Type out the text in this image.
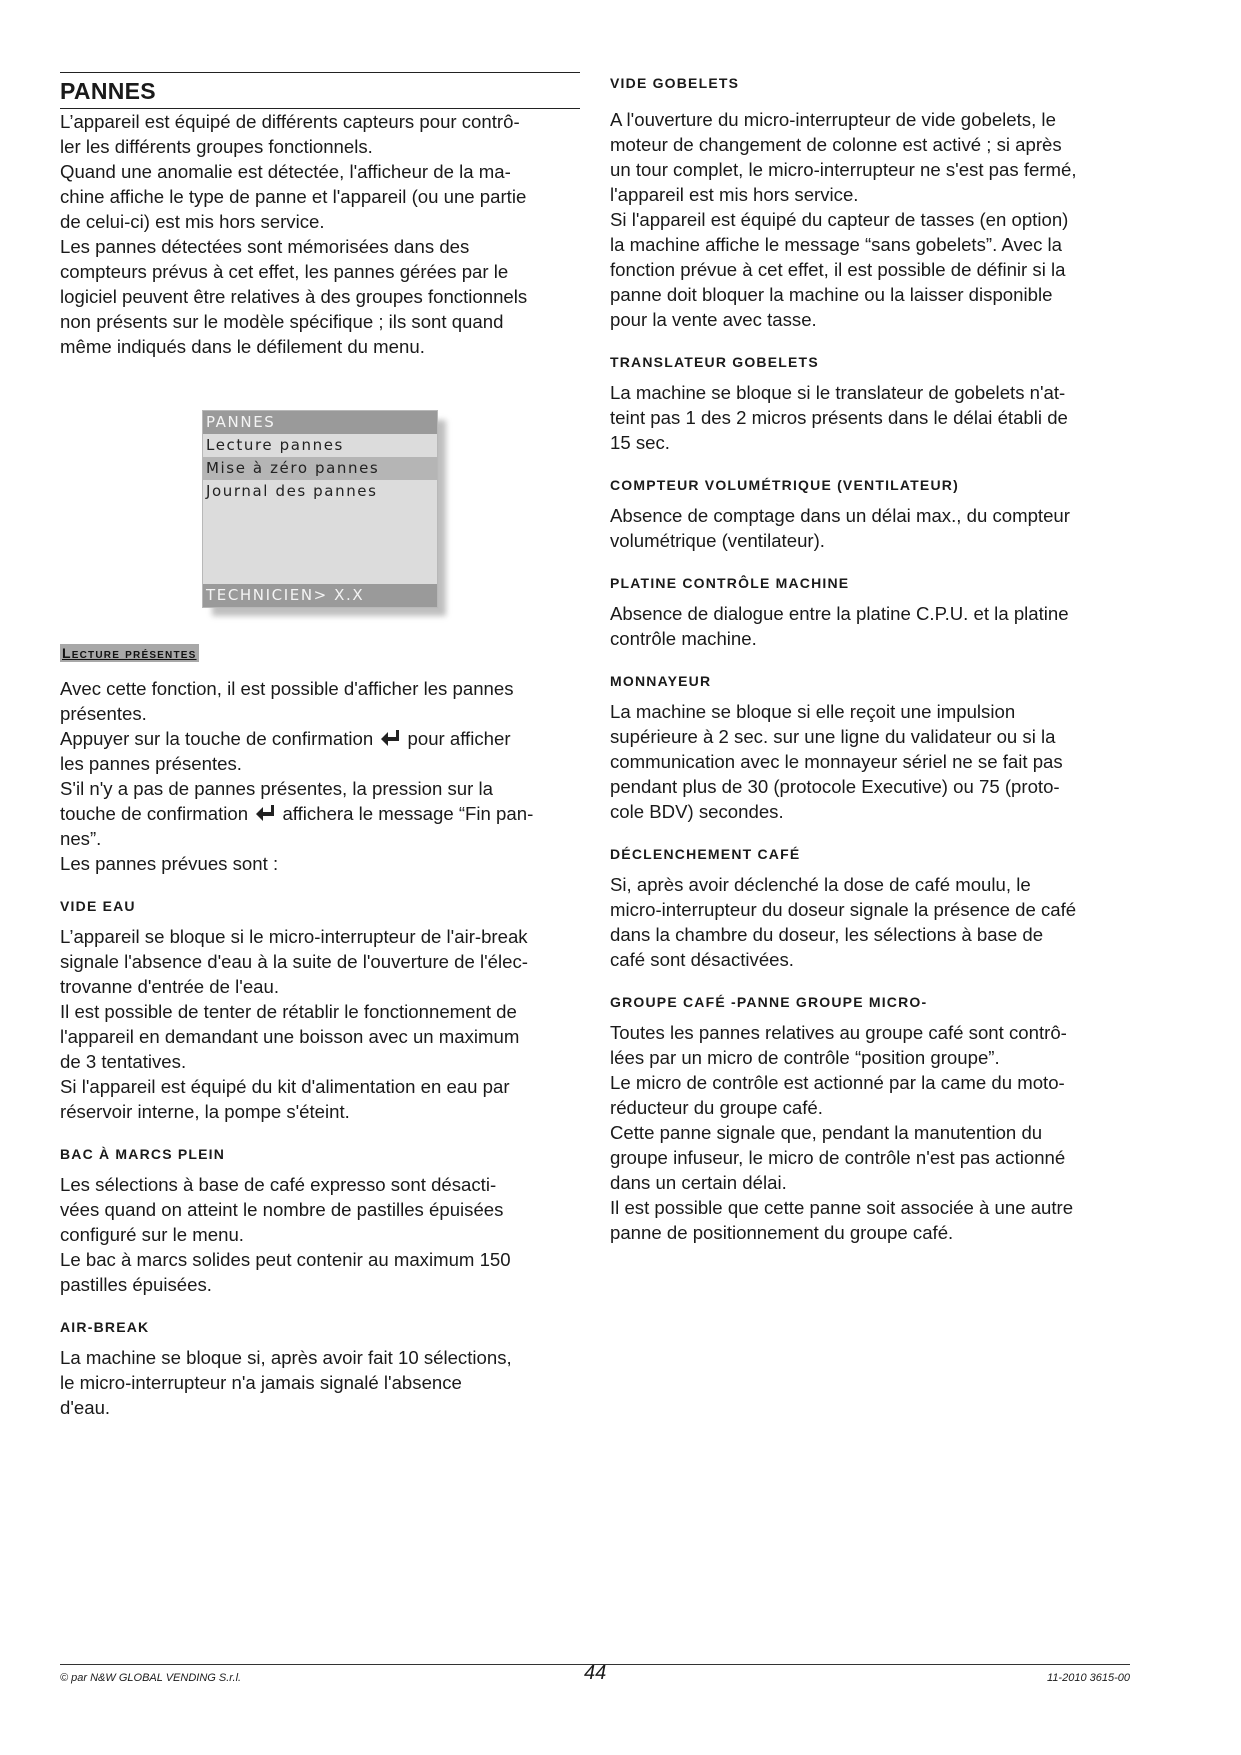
PANNES

L’appareil est équipé de différents capteurs pour contrô-
ler les différents groupes fonctionnels.
Quand une anomalie est détectée, l'afficheur de la ma-
chine affiche le type de panne et l'appareil (ou une partie
de celui-ci) est mis hors service.
Les pannes détectées sont mémorisées dans des
compteurs prévus à cet effet, les pannes gérées par le
logiciel peuvent être relatives à des groupes fonctionnels
non présents sur le modèle spécifique ; ils sont quand
même indiqués dans le défilement du menu.

PANNES
Lecture pannes
Mise à zéro pannes
Journal des pannes
TECHNICIEN> X.X
Lecture présentes

Avec cette fonction, il est possible d'afficher les pannes
présentes.

Appuyer sur la touche de confirmation  pour afficher
les pannes présentes.

S'il n'y a pas de pannes présentes, la pression sur la
touche de confirmation  affichera le message “Fin pan-
nes”.

Les pannes prévues sont :

VIDE EAU

L’appareil se bloque si le micro-interrupteur de l'air-break
signale l'absence d'eau à la suite de l'ouverture de l'élec-
trovanne d'entrée de l'eau.
Il est possible de tenter de rétablir le fonctionnement de
l'appareil en demandant une boisson avec un maximum
de 3 tentatives.
Si l'appareil est équipé du kit d'alimentation en eau par
réservoir interne, la pompe s'éteint.

BAC À MARCS PLEIN

Les sélections à base de café expresso sont désacti-
vées quand on atteint le nombre de pastilles épuisées
configuré sur le menu.
Le bac à marcs solides peut contenir au maximum 150
pastilles épuisées.

AIR-BREAK

La machine se bloque si, après avoir fait 10 sélections,
le micro-interrupteur n'a jamais signalé l'absence
d'eau.

VIDE GOBELETS

A l'ouverture du micro-interrupteur de vide gobelets, le
moteur de changement de colonne est activé ; si après
un tour complet, le micro-interrupteur ne s'est pas fermé,
l'appareil est mis hors service.
Si l'appareil est équipé du capteur de tasses (en option)
la machine affiche le message “sans gobelets”. Avec la
fonction prévue à cet effet, il est possible de définir si la
panne doit bloquer la machine ou la laisser disponible
pour la vente avec tasse.

TRANSLATEUR GOBELETS

La machine se bloque si le translateur de gobelets n'at-
teint pas 1 des 2 micros présents dans le délai établi de
15 sec.

COMPTEUR VOLUMÉTRIQUE (VENTILATEUR)

Absence de comptage dans un délai max., du compteur
volumétrique (ventilateur).

PLATINE CONTRÔLE MACHINE

Absence de dialogue entre la platine C.P.U. et la platine
contrôle machine.

MONNAYEUR

La machine se bloque si elle reçoit une impulsion
supérieure à 2 sec. sur une ligne du validateur ou si la
communication avec le monnayeur sériel ne se fait pas
pendant plus de 30 (protocole Executive) ou 75 (proto-
cole BDV) secondes.

DÉCLENCHEMENT CAFÉ

Si, après avoir déclenché la dose de café moulu, le
micro-interrupteur du doseur signale la présence de café
dans la chambre du doseur, les sélections à base de
café sont désactivées.

GROUPE CAFÉ -PANNE GROUPE MICRO-

Toutes les pannes relatives au groupe café sont contrô-
lées par un micro de contrôle “position groupe”.
Le micro de contrôle est actionné par la came du moto-
réducteur du groupe café.
Cette panne signale que, pendant la manutention du
groupe infuseur, le micro de contrôle n'est pas actionné
dans un certain délai.
Il est possible que cette panne soit associée à une autre
panne de positionnement du groupe café.

© par N&W GLOBAL VENDING S.r.l.	44	11-2010 3615-00
